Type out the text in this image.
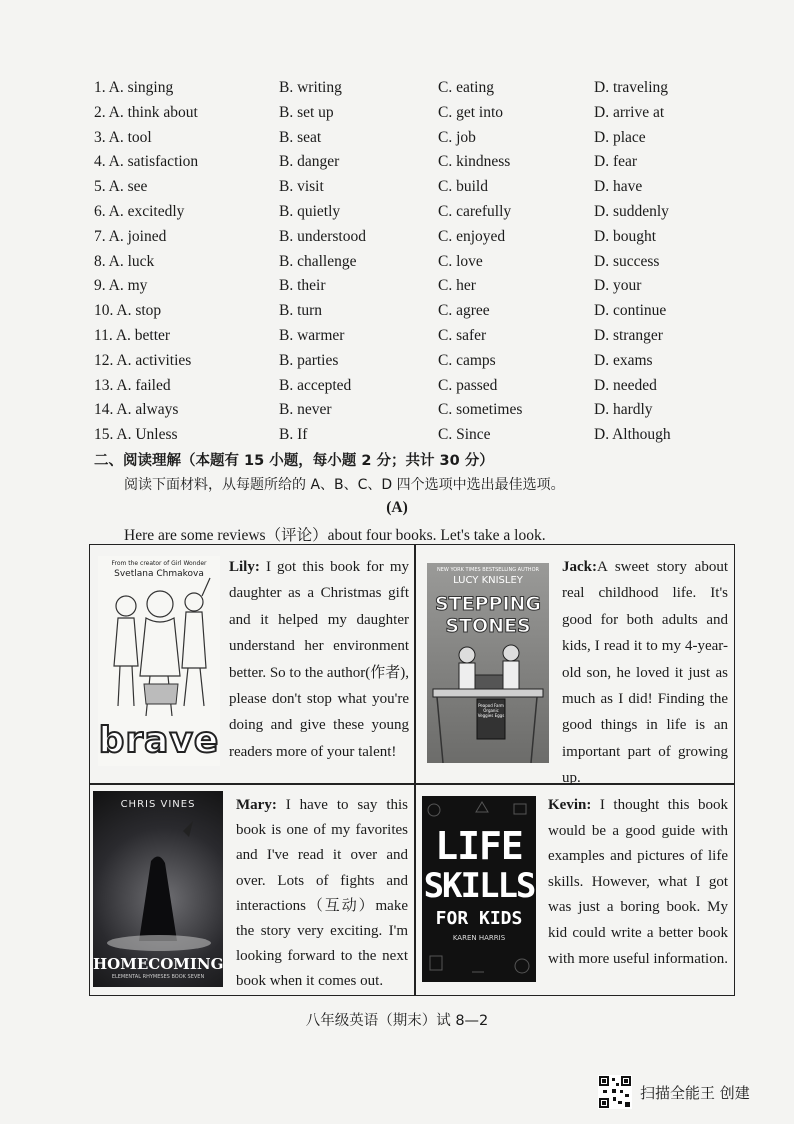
1. A. singing	B. writing	C. eating	D. traveling
2. A. think about	B. set up	C. get into	D. arrive at
3. A. tool	B. seat	C. job	D. place
4. A. satisfaction	B. danger	C. kindness	D. fear
5. A. see	B. visit	C. build	D. have
6. A. excitedly	B. quietly	C. carefully	D. suddenly
7. A. joined	B. understood	C. enjoyed	D. bought
8. A. luck	B. challenge	C. love	D. success
9. A. my	B. their	C. her	D. your
10. A. stop	B. turn	C. agree	D. continue
11. A. better	B. warmer	C. safer	D. stranger
12. A. activities	B. parties	C. camps	D. exams
13. A. failed	B. accepted	C. passed	D. needed
14. A. always	B. never	C. sometimes	D. hardly
15. A. Unless	B. If	C. Since	D. Although
二、阅读理解（本题有 15 小题，每小题 2 分；共计 30 分）
阅读下面材料，从每题所给的 A、B、C、D 四个选项中选出最佳选项。
(A)
Here are some reviews（评论）about four books. Let's take a look.
From the creator of Girl Wonder
Svetlana Chmakova
brave
NEW YORK TIMES BESTSELLING AUTHOR
LUCY KNISLEY
STEPPING
STONES
Peapod Farm Organic Veggies Eggs
CHRIS VINES
HOMECOMING
ELEMENTAL RHYMESES BOOK SEVEN
LIFE
SKILLS
FOR KIDS
KAREN HARRIS
Lily: I got this book for my daughter as a Christmas gift and it helped my daughter understand her environment better. So to the author(作者), please don't stop what you're doing and give these young readers more of your talent!
Jack:A sweet story about real childhood life. It's good for both adults and kids, I read it to my 4-year-old son, he loved it just as much as I did! Finding the good things in life is an important part of growing up.
Mary: I have to say this book is one of my favorites and I've read it over and over. Lots of fights and interactions（互动）make the story very exciting. I'm looking forward to the next book when it comes out.
Kevin: I thought this book would be a good guide with examples and pictures of life skills. However, what I got was just a boring book. My kid could write a better book with more useful information.
八年级英语（期末）试 8—2
扫描全能王 创建
